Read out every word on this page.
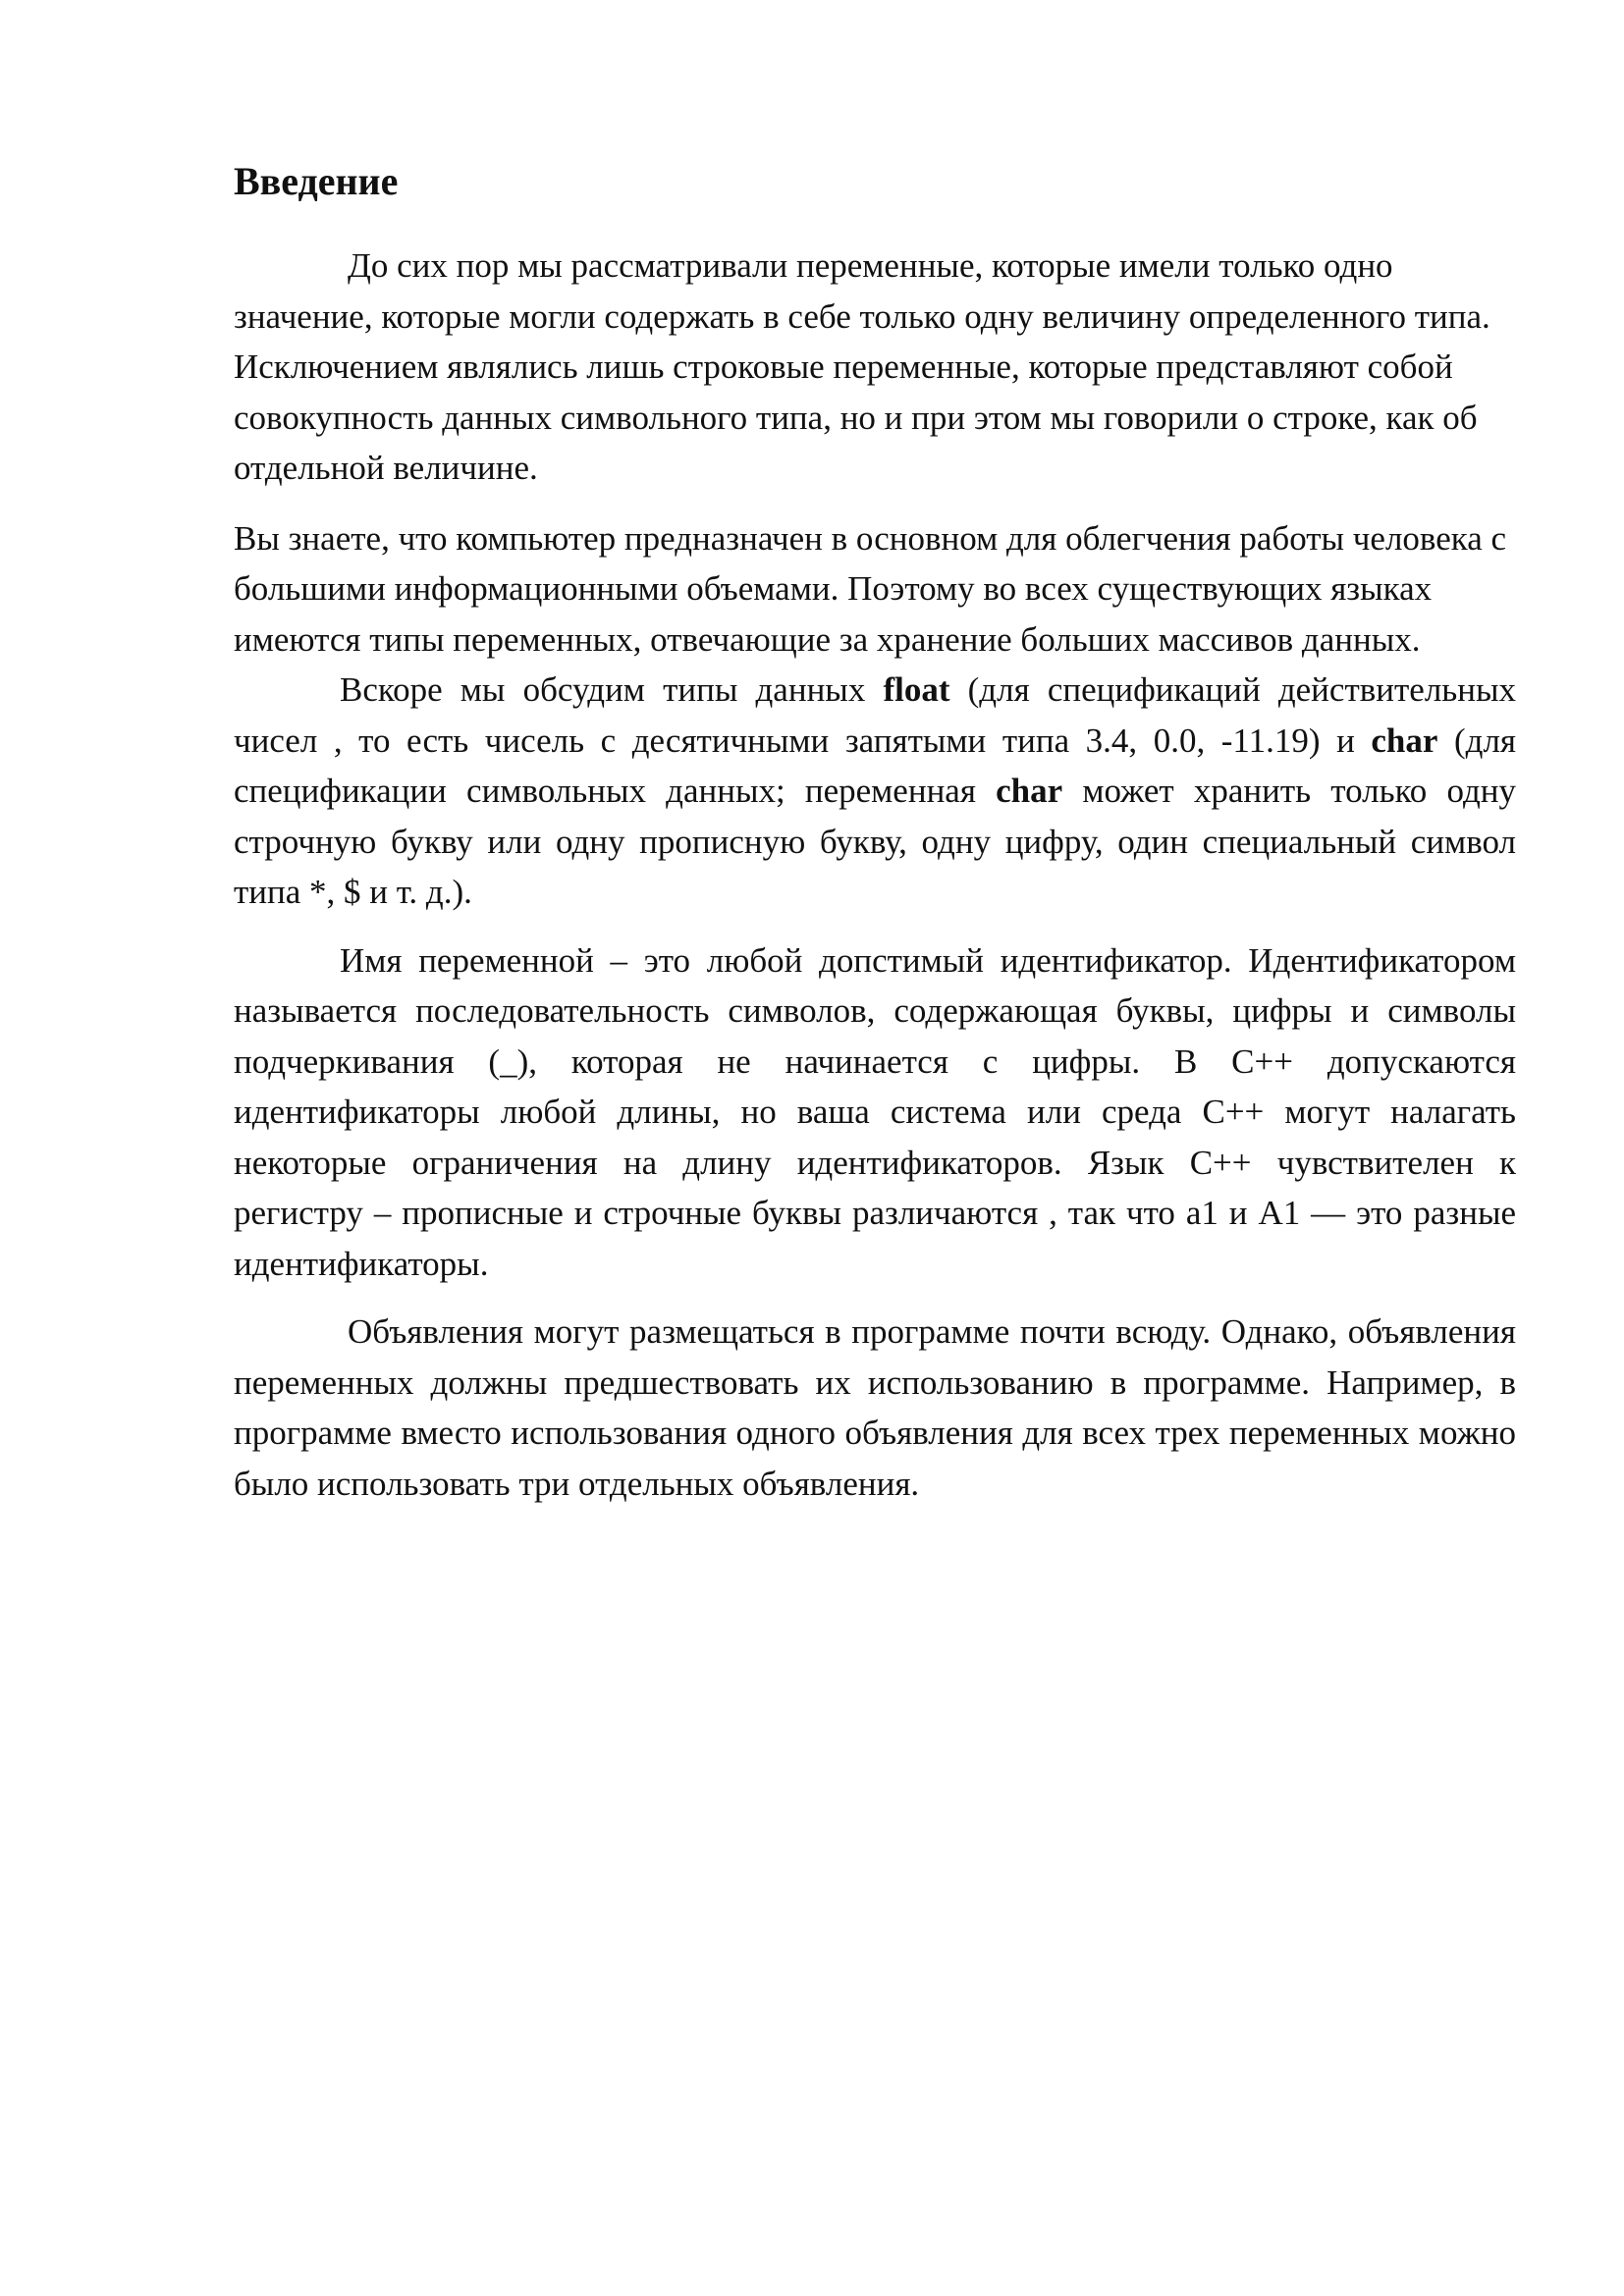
Введение

До сих пор мы рассматривали переменные, которые имели только одно значение, которые могли содержать в себе только одну величину определенного типа. Исключением являлись лишь строковые переменные, которые представляют собой совокупность данных символьного типа, но и при этом мы говорили о строке, как об отдельной величине.

Вы знаете, что компьютер предназначен в основном для облегчения работы человека с большими информационными объемами. Поэтому во всех существующих языках имеются типы переменных, отвечающие за хранение больших массивов данных.

Вскоре мы обсудим типы данных float (для спецификаций действительных чисел , то есть чисель с десятичными запятыми типа 3.4, 0.0, -11.19) и char (для спецификации символьных данных; переменная char может хранить только одну строчную букву или одну прописную букву, одну цифру, один специальный символ типа *, $ и т. д.).

Имя переменной – это любой допстимый идентификатор. Идентификатором называется последовательность символов, содержающая буквы, цифры и символы подчеркивания (_), которая не начинается с цифры. В С++ допускаются идентификаторы любой длины, но ваша система или среда С++ могут налагать некоторые ограничения на длину идентификаторов. Язык С++ чувствителен к регистру – прописные и строчные буквы различаются , так что a1 и A1 — это разные идентификаторы.

Объявления могут размещаться в программе почти всюду. Однако, объявления переменных должны предшествовать их использованию в программе. Например, в программе вместо использования одного объявления для всех трех переменных можно было использовать три отдельных объявления.
